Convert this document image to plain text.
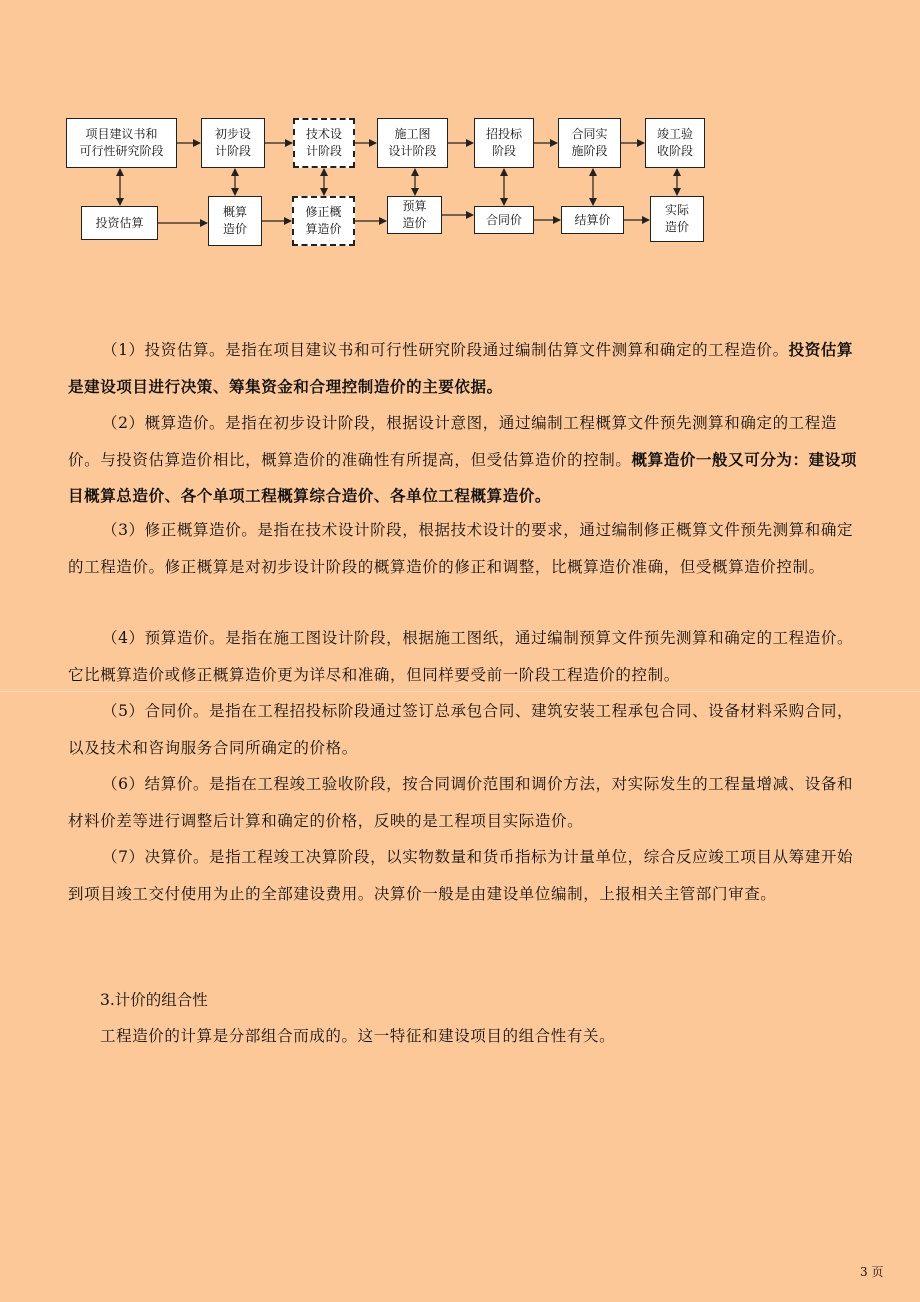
项目建议书和
可行性研究阶段
初步设
计阶段
技术设
计阶段
施工图
设计阶段
招投标
阶段
合同实
施阶段
竣工验
收阶段
投资估算
概算
造价
修正概
算造价
预算
造价	合同价	结算价
实际
造价

（1）投资估算。是指在项目建议书和可行性研究阶段通过编制估算文件测算和确定的工程造价。投资估算是建设项目进行决策、筹集资金和合理控制造价的主要依据。

（2）概算造价。是指在初步设计阶段，根据设计意图，通过编制工程概算文件预先测算和确定的工程造价。与投资估算造价相比，概算造价的准确性有所提高，但受估算造价的控制。概算造价一般又可分为：建设项目概算总造价、各个单项工程概算综合造价、各单位工程概算造价。

（3）修正概算造价。是指在技术设计阶段，根据技术设计的要求，通过编制修正概算文件预先测算和确定的工程造价。修正概算是对初步设计阶段的概算造价的修正和调整，比概算造价准确，但受概算造价控制。

（4）预算造价。是指在施工图设计阶段，根据施工图纸，通过编制预算文件预先测算和确定的工程造价。它比概算造价或修正概算造价更为详尽和准确，但同样要受前一阶段工程造价的控制。

（5）合同价。是指在工程招投标阶段通过签订总承包合同、建筑安装工程承包合同、设备材料采购合同，以及技术和咨询服务合同所确定的价格。

（6）结算价。是指在工程竣工验收阶段，按合同调价范围和调价方法，对实际发生的工程量增减、设备和材料价差等进行调整后计算和确定的价格，反映的是工程项目实际造价。

（7）决算价。是指工程竣工决算阶段，以实物数量和货币指标为计量单位，综合反应竣工项目从筹建开始到项目竣工交付使用为止的全部建设费用。决算价一般是由建设单位编制，上报相关主管部门审查。

3.计价的组合性
工程造价的计算是分部组合而成的。这一特征和建设项目的组合性有关。
3 页
